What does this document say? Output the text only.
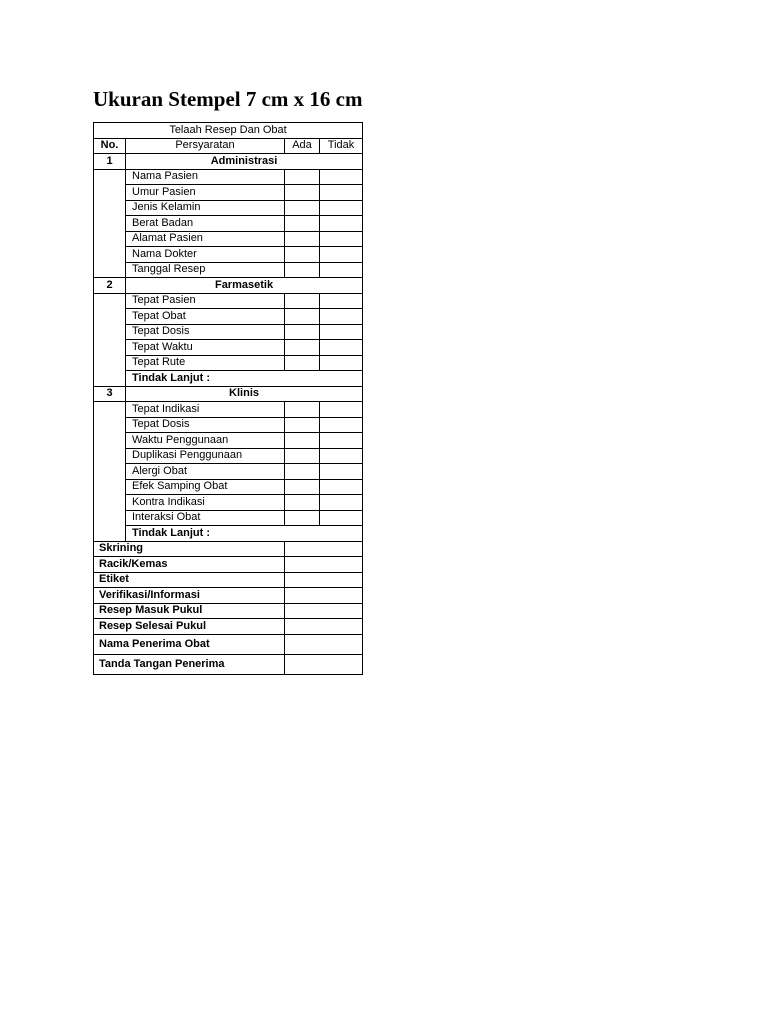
Ukuran Stempel 7 cm x 16 cm
Telaah Resep Dan Obat			
No.	Persyaratan	Ada	Tidak
1	Administrasi		
	Nama Pasien		
	Umur Pasien		
	Jenis Kelamin		
	Berat Badan		
	Alamat Pasien		
	Nama Dokter		
	Tanggal Resep		
2	Farmasetik		
	Tepat Pasien		
	Tepat Obat		
	Tepat Dosis		
	Tepat Waktu		
	Tepat Rute		
	Tindak Lanjut :		
3	Klinis		
	Tepat Indikasi		
	Tepat Dosis		
	Waktu Penggunaan		
	Duplikasi Penggunaan		
	Alergi Obat		
	Efek Samping Obat		
	Kontra Indikasi		
	Interaksi Obat		
	Tindak Lanjut :		
Skrining			
Racik/Kemas			
Etiket			
Verifikasi/Informasi			
Resep Masuk Pukul			
Resep Selesai Pukul			
Nama Penerima Obat			
Tanda Tangan Penerima			
